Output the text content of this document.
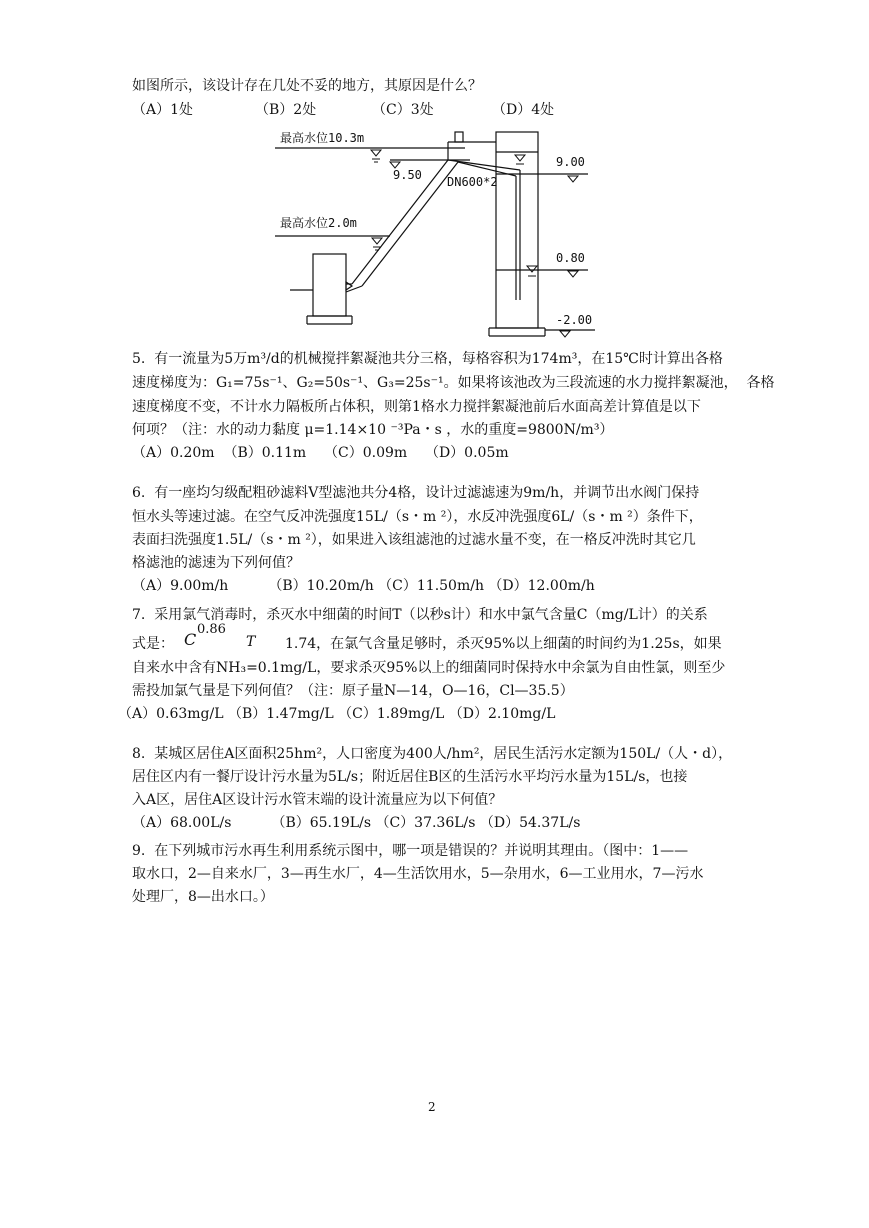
如图所示，该设计存在几处不妥的地方，其原因是什么？
（A）1处	（B）2处	（C）3处	（D）4处
最高水位10.3m
9.50 DN600*2
9.00
最高水位2.0m
0.80
-2.00
5.  有一流量为5万m³/d的机械搅拌絮凝池共分三格，每格容积为174m³，在15℃时计算出各格
速度梯度为：G₁=75s⁻¹、G₂=50s⁻¹、G₃=25s⁻¹。如果将该池改为三段流速的水力搅拌絮凝池，  各格
速度梯度不变，不计水力隔板所占体积，则第1格水力搅拌絮凝池前后水面高差计算值是以下
何项？（注：水的动力黏度 μ=1.14×10 ⁻³Pa・s ，水的重度=9800N/m³）
（A）0.20m  （B）0.11m    （C）0.09m    （D）0.05m
6.  有一座均匀级配粗砂滤料V型滤池共分4格，设计过滤滤速为9m/h，并调节出水阀门保持
恒水头等速过滤。在空气反冲洗强度15L/（s・m ²），水反冲洗强度6L/（s・m ²）条件下，
表面扫洗强度1.5L/（s・m ²），如果进入该组滤池的过滤水量不变，在一格反冲洗时其它几
格滤池的滤速为下列何值？
（A）9.00m/h         （B）10.20m/h （C）11.50m/h （D）12.00m/h
7.  采用氯气消毒时，杀灭水中细菌的时间T（以秒s计）和水中氯气含量C（mg/L计）的关系
式是： C
0.86
T 1.74，在氯气含量足够时，杀灭95%以上细菌的时间约为1.25s，如果
自来水中含有NH₃=0.1mg/L，要求杀灭95%以上的细菌同时保持水中余氯为自由性氯，则至少
需投加氯气量是下列何值？（注：原子量N—14，O—16，Cl—35.5）
（A）0.63mg/L （B）1.47mg/L （C）1.89mg/L （D）2.10mg/L
8.  某城区居住A区面积25hm²，人口密度为400人/hm²，居民生活污水定额为150L/（人・d），
居住区内有一餐厅设计污水量为5L/s；附近居住B区的生活污水平均污水量为15L/s，也接
入A区，居住A区设计污水管末端的设计流量应为以下何值？
（A）68.00L/s         （B）65.19L/s （C）37.36L/s （D）54.37L/s
9.  在下列城市污水再生利用系统示图中，哪一项是错误的？并说明其理由。（图中：1——
取水口，2—自来水厂，3—再生水厂，4—生活饮用水，5—杂用水，6—工业用水，7—污水
处理厂，8—出水口。）
2
